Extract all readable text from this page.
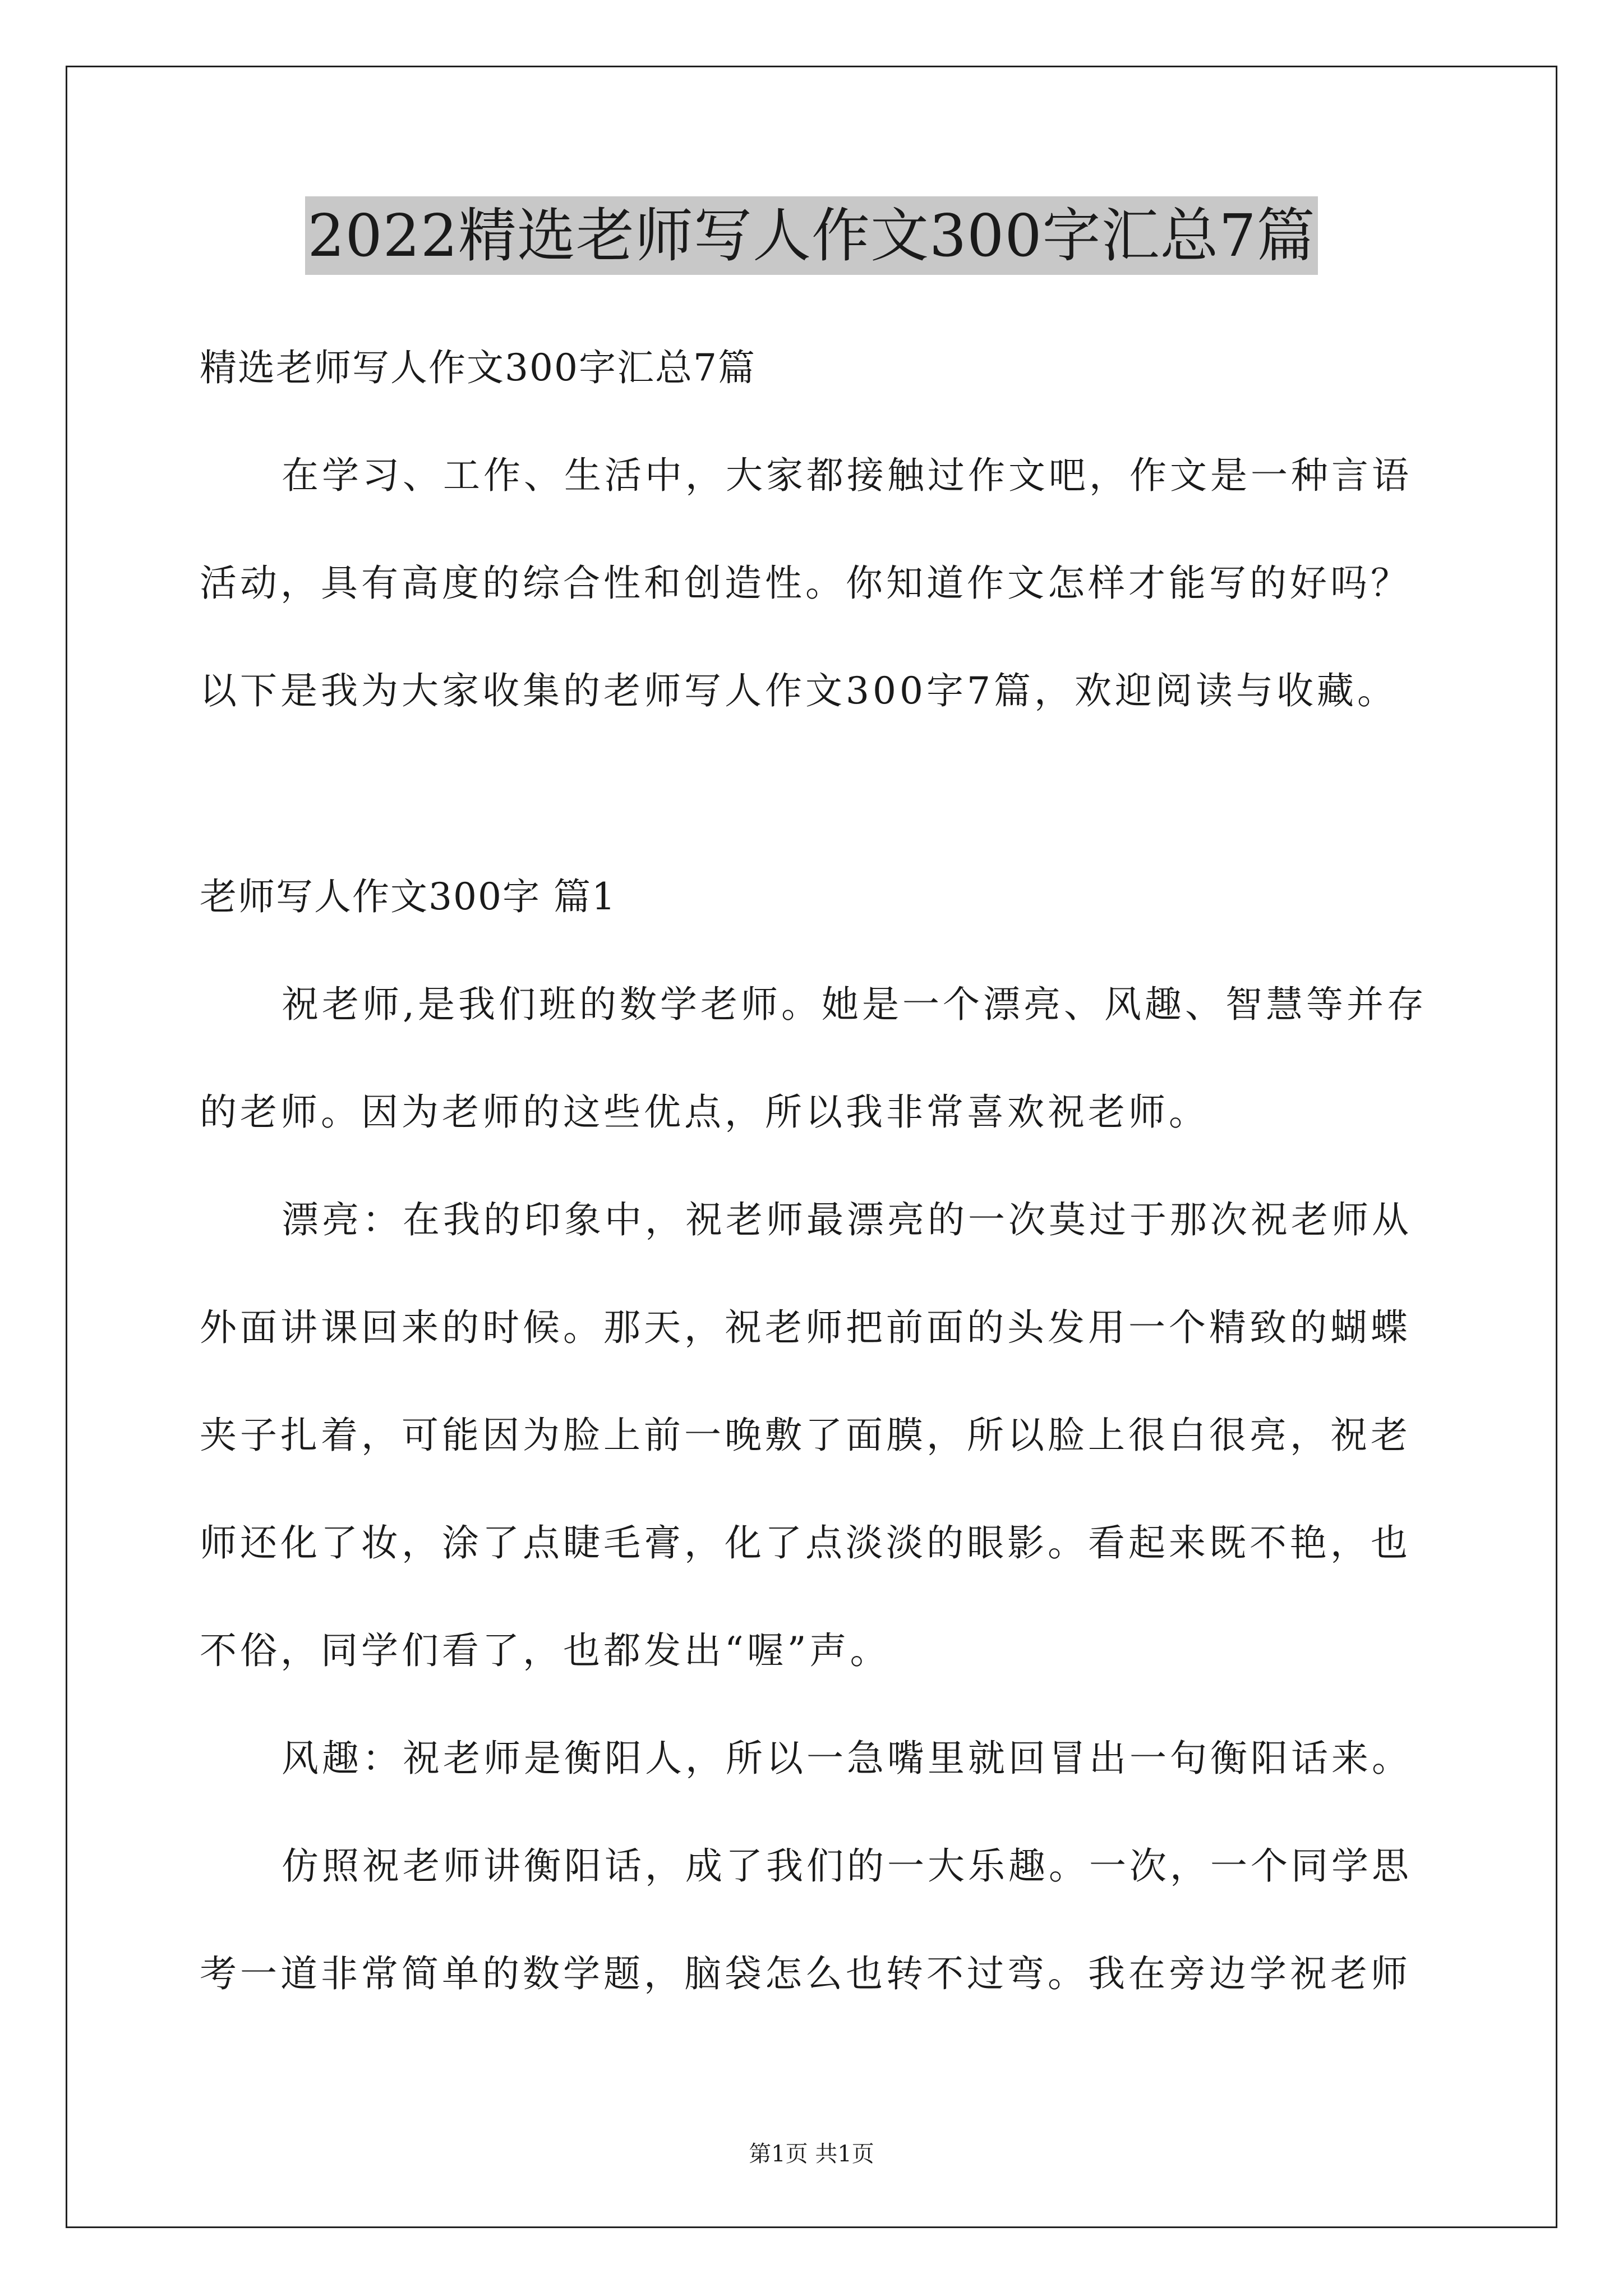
2022精选老师写人作文300字汇总7篇
精选老师写人作文300字汇总7篇
在学习、工作、生活中，大家都接触过作文吧，作文是一种言语
活动，具有高度的综合性和创造性。你知道作文怎样才能写的好吗？
以下是我为大家收集的老师写人作文300字7篇，欢迎阅读与收藏。
老师写人作文300字 篇1
祝老师,是我们班的数学老师。她是一个漂亮、风趣、智慧等并存
的老师。因为老师的这些优点，所以我非常喜欢祝老师。
漂亮：在我的印象中，祝老师最漂亮的一次莫过于那次祝老师从
外面讲课回来的时候。那天，祝老师把前面的头发用一个精致的蝴蝶
夹子扎着，可能因为脸上前一晚敷了面膜，所以脸上很白很亮，祝老
师还化了妆，涂了点睫毛膏，化了点淡淡的眼影。看起来既不艳，也
不俗，同学们看了，也都发出“喔”声。
风趣：祝老师是衡阳人，所以一急嘴里就回冒出一句衡阳话来。
仿照祝老师讲衡阳话，成了我们的一大乐趣。一次，一个同学思
考一道非常简单的数学题，脑袋怎么也转不过弯。我在旁边学祝老师
第1页 共1页
